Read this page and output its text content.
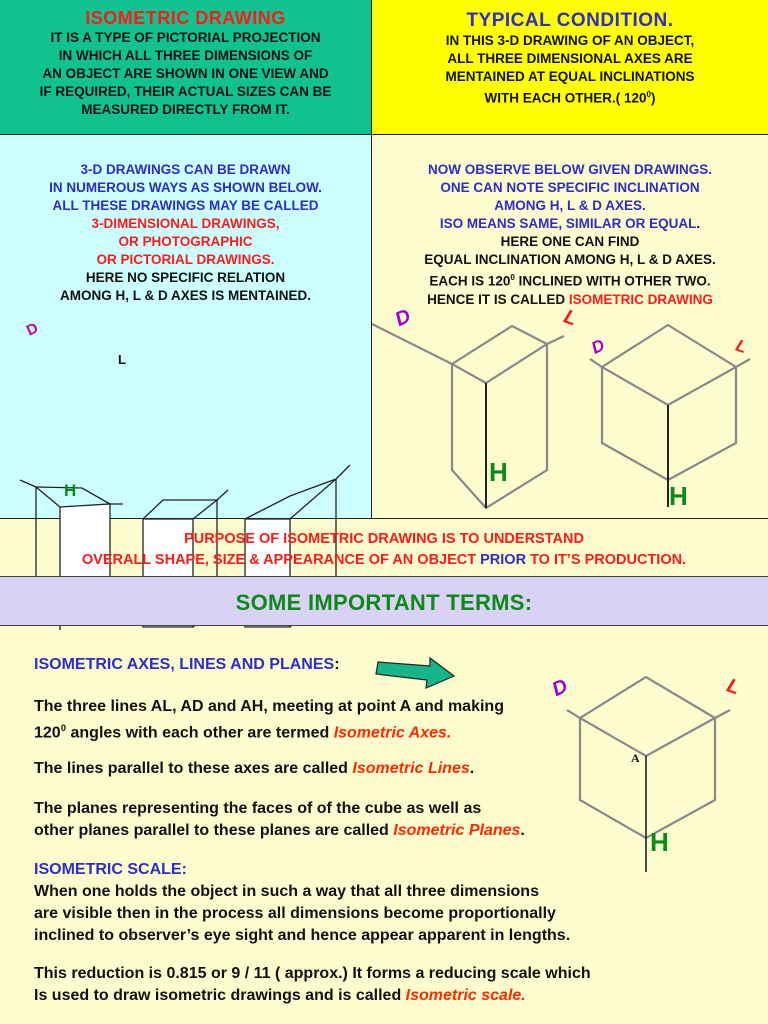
ISOMETRIC DRAWING
IT IS A TYPE OF PICTORIAL PROJECTION
IN WHICH ALL THREE DIMENSIONS OF
AN OBJECT ARE SHOWN IN ONE VIEW AND
IF REQUIRED, THEIR ACTUAL SIZES CAN BE
MEASURED DIRECTLY FROM IT.
TYPICAL CONDITION.
IN THIS 3-D DRAWING OF AN OBJECT,
ALL THREE DIMENSIONAL AXES ARE
MENTAINED AT EQUAL INCLINATIONS
WITH EACH OTHER.( $120^0$)
3-D DRAWINGS CAN BE DRAWN
IN NUMEROUS WAYS AS SHOWN BELOW.
ALL THESE DRAWINGS MAY BE CALLED
3-DIMENSIONAL DRAWINGS,
OR PHOTOGRAPHIC
OR PICTORIAL DRAWINGS.
HERE NO SPECIFIC RELATION
AMONG H, L & D AXES IS MENTAINED.
D
L
H
NOW OBSERVE BELOW GIVEN DRAWINGS.
ONE CAN NOTE SPECIFIC INCLINATION
AMONG H, L & D AXES.
ISO MEANS SAME, SIMILAR OR EQUAL.
HERE ONE CAN FIND
EQUAL INCLINATION AMONG H, L & D AXES.
EACH IS $120^0$ INCLINED WITH OTHER TWO.
HENCE IT IS CALLED ISOMETRIC DRAWING
D	L
D	L
H
H
PURPOSE OF ISOMETRIC DRAWING IS TO UNDERSTAND
OVERALL SHAPE, SIZE & APPEARANCE OF AN OBJECT PRIOR TO IT’S PRODUCTION.
SOME IMPORTANT TERMS:
ISOMETRIC AXES, LINES AND PLANES:
The three lines AL, AD and AH, meeting at point A and making
$120^0$ angles with each other are termed Isometric Axes.
The lines parallel to these axes are called Isometric Lines.
The planes representing the faces of of the cube as well as
other planes parallel to these planes are called Isometric Planes.
ISOMETRIC SCALE:
When one holds the object in such a way that all three dimensions
are visible then in the process all dimensions become proportionally
inclined to observer’s eye sight and hence appear apparent in lengths.
This reduction is 0.815 or 9 / 11 ( approx.) It forms a reducing scale which
Is used to draw isometric drawings and is called Isometric scale.
D	L
A
H
